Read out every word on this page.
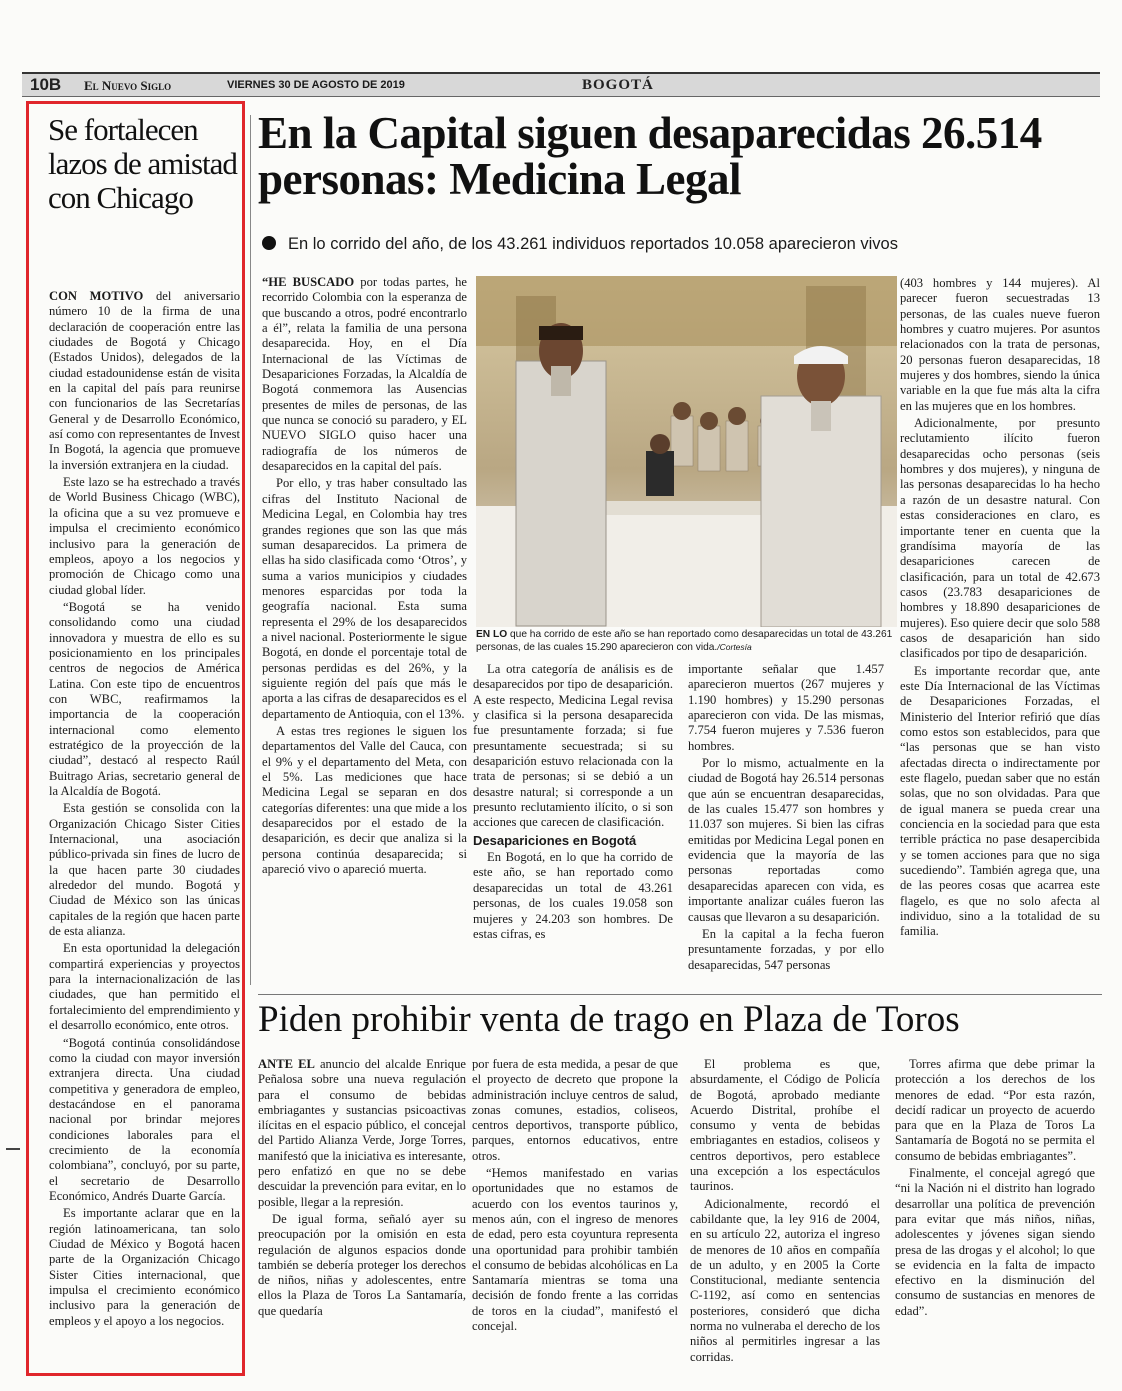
10B El Nuevo Siglo	VIERNES 30 DE AGOSTO DE 2019	BOGOTÁ
Se fortalecen lazos de amistad con Chicago

CON MOTIVO del aniversario número 10 de la firma de una declaración de cooperación entre las ciudades de Bogotá y Chicago (Estados Unidos), delegados de la ciudad estadounidense están de visita en la capital del país para reunirse con funcionarios de las Secretarías General y de Desarrollo Económico, así como con representantes de Invest In Bogotá, la agencia que promueve la inversión extranjera en la ciudad.

Este lazo se ha estrechado a través de World Business Chicago (WBC), la oficina que a su vez promueve e impulsa el crecimiento económico inclusivo para la generación de empleos, apoyo a los negocios y promoción de Chicago como una ciudad global líder.

“Bogotá se ha venido consolidando como una ciudad innovadora y muestra de ello es su posicionamiento en los principales centros de negocios de América Latina. Con este tipo de encuentros con WBC, reafirmamos la importancia de la cooperación internacional como elemento estratégico de la proyección de la ciudad”, destacó al respecto Raúl Buitrago Arias, secretario general de la Alcaldía de Bogotá.

Esta gestión se consolida con la Organización Chicago Sister Cities Internacional, una asociación público-privada sin fines de lucro de la que hacen parte 30 ciudades alrededor del mundo. Bogotá y Ciudad de México son las únicas capitales de la región que hacen parte de esta alianza.

En esta oportunidad la delegación compartirá experiencias y proyectos para la internacionalización de las ciudades, que han permitido el fortalecimiento del emprendimiento y el desarrollo económico, ente otros.

“Bogotá continúa consolidándose como la ciudad con mayor inversión extranjera directa. Una ciudad competitiva y generadora de empleo, destacándose en el panorama nacional por brindar mejores condiciones laborales para el crecimiento de la economía colombiana”, concluyó, por su parte, el secretario de Desarrollo Económico, Andrés Duarte García.

Es importante aclarar que en la región latinoamericana, tan solo Ciudad de México y Bogotá hacen parte de la Organización Chicago Sister Cities internacional, que impulsa el crecimiento económico inclusivo para la generación de empleos y el apoyo a los negocios.

En la Capital siguen desaparecidas 26.514 personas: Medicina Legal
En lo corrido del año, de los 43.261 individuos reportados 10.058 aparecieron vivos

“HE BUSCADO por todas partes, he recorrido Colombia con la esperanza de que buscando a otros, podré encontrarlo a él”, relata la familia de una persona desaparecida. Hoy, en el Día Internacional de las Víctimas de Desapariciones Forzadas, la Alcaldía de Bogotá conmemora las Ausencias presentes de miles de personas, de las que nunca se conoció su paradero, y EL NUEVO SIGLO quiso hacer una radiografía de los números de desaparecidos en la capital del país.

Por ello, y tras haber consultado las cifras del Instituto Nacional de Medicina Legal, en Colombia hay tres grandes regiones que son las que más suman desaparecidos. La primera de ellas ha sido clasificada como ‘Otros’, y suma a varios municipios y ciudades menores esparcidas por toda la geografía nacional. Esta suma representa el 29% de los desaparecidos a nivel nacional. Posteriormente le sigue Bogotá, en donde el porcentaje total de personas perdidas es del 26%, y la siguiente región del país que más le aporta a las cifras de desaparecidos es el departamento de Antioquia, con el 13%.

A estas tres regiones le siguen los departamentos del Valle del Cauca, con el 9% y el departamento del Meta, con el 5%. Las mediciones que hace Medicina Legal se separan en dos categorías diferentes: una que mide a los desaparecidos por el estado de la desaparición, es decir que analiza si la persona continúa desaparecida; si apareció vivo o apareció muerta.

EN LO que ha corrido de este año se han reportado como desaparecidas un total de 43.261 personas, de las cuales 15.290 aparecieron con vida./Cortesía

La otra categoría de análisis es de desaparecidos por tipo de desaparición. A este respecto, Medicina Legal revisa y clasifica si la persona desaparecida fue presuntamente forzada; si fue presuntamente secuestrada; si su desaparición estuvo relacionada con la trata de personas; si se debió a un desastre natural; si corresponde a un presunto reclutamiento ilícito, o si son acciones que carecen de clasificación.

Desapariciones en Bogotá

En Bogotá, en lo que ha corrido de este año, se han reportado como desaparecidas un total de 43.261 personas, de los cuales 19.058 son mujeres y 24.203 son hombres. De estas cifras, es

importante señalar que 1.457 aparecieron muertos (267 mujeres y 1.190 hombres) y 15.290 personas aparecieron con vida. De las mismas, 7.754 fueron mujeres y 7.536 fueron hombres.

Por lo mismo, actualmente en la ciudad de Bogotá hay 26.514 personas que aún se encuentran desaparecidas, de las cuales 15.477 son hombres y 11.037 son mujeres. Si bien las cifras emitidas por Medicina Legal ponen en evidencia que la mayoría de las personas reportadas como desaparecidas aparecen con vida, es importante analizar cuáles fueron las causas que llevaron a su desaparición.

En la capital a la fecha fueron presuntamente forzadas, y por ello desaparecidas, 547 personas

(403 hombres y 144 mujeres). Al parecer fueron secuestradas 13 personas, de las cuales nueve fueron hombres y cuatro mujeres. Por asuntos relacionados con la trata de personas, 20 personas fueron desaparecidas, 18 mujeres y dos hombres, siendo la única variable en la que fue más alta la cifra en las mujeres que en los hombres.

Adicionalmente, por presunto reclutamiento ilícito fueron desaparecidas ocho personas (seis hombres y dos mujeres), y ninguna de las personas desaparecidas lo ha hecho a razón de un desastre natural. Con estas consideraciones en claro, es importante tener en cuenta que la grandísima mayoría de las desapariciones carecen de clasificación, para un total de 42.673 casos (23.783 desapariciones de hombres y 18.890 desapariciones de mujeres). Eso quiere decir que solo 588 casos de desaparición han sido clasificados por tipo de desaparición.

Es importante recordar que, ante este Día Internacional de las Víctimas de Desapariciones Forzadas, el Ministerio del Interior refirió que días como estos son establecidos, para que “las personas que se han visto afectadas directa o indirectamente por este flagelo, puedan saber que no están solas, que no son olvidadas. Para que de igual manera se pueda crear una conciencia en la sociedad para que esta terrible práctica no pase desapercibida y se tomen acciones para que no siga sucediendo”. También agrega que, una de las peores cosas que acarrea este flagelo, es que no solo afecta al individuo, sino a la totalidad de su familia.

Piden prohibir venta de trago en Plaza de Toros

ANTE EL anuncio del alcalde Enrique Peñalosa sobre una nueva regulación para el consumo de bebidas embriagantes y sustancias psicoactivas ilícitas en el espacio público, el concejal del Partido Alianza Verde, Jorge Torres, manifestó que la iniciativa es interesante, pero enfatizó en que no se debe descuidar la prevención para evitar, en lo posible, llegar a la represión.

De igual forma, señaló ayer su preocupación por la omisión en esta regulación de algunos espacios donde también se debería proteger los derechos de niños, niñas y adolescentes, entre ellos la Plaza de Toros La Santamaría, que quedaría

por fuera de esta medida, a pesar de que el proyecto de decreto que propone la administración incluye centros de salud, zonas comunes, estadios, coliseos, centros deportivos, transporte público, parques, entornos educativos, entre otros.

“Hemos manifestado en varias oportunidades que no estamos de acuerdo con los eventos taurinos y, menos aún, con el ingreso de menores de edad, pero esta coyuntura representa una oportunidad para prohibir también el consumo de bebidas alcohólicas en La Santamaría mientras se toma una decisión de fondo frente a las corridas de toros en la ciudad”, manifestó el concejal.

El problema es que, absurdamente, el Código de Policía de Bogotá, aprobado mediante Acuerdo Distrital, prohíbe el consumo y venta de bebidas embriagantes en estadios, coliseos y centros deportivos, pero establece una excepción a los espectáculos taurinos.

Adicionalmente, recordó el cabildante que, la ley 916 de 2004, en su artículo 22, autoriza el ingreso de menores de 10 años en compañía de un adulto, y en 2005 la Corte Constitucional, mediante sentencia C-1192, así como en sentencias posteriores, consideró que dicha norma no vulneraba el derecho de los niños al permitirles ingresar a las corridas.

Torres afirma que debe primar la protección a los derechos de los menores de edad. “Por esta razón, decidí radicar un proyecto de acuerdo para que en la Plaza de Toros La Santamaría de Bogotá no se permita el consumo de bebidas embriagantes”.

Finalmente, el concejal agregó que “ni la Nación ni el distrito han logrado desarrollar una política de prevención para evitar que más niños, niñas, adolescentes y jóvenes sigan siendo presa de las drogas y el alcohol; lo que se evidencia en la falta de impacto efectivo en la disminución del consumo de sustancias en menores de edad”.
